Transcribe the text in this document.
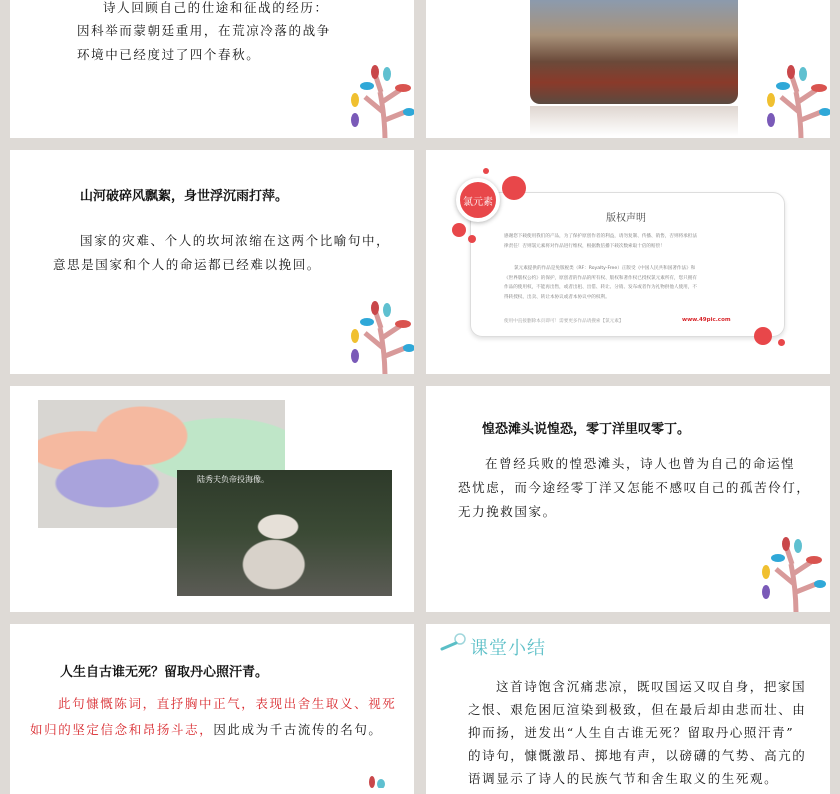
诗人回顾自己的仕途和征战的经历：
因科举而蒙朝廷重用，在荒凉冷落的战争
环境中已经度过了四个春秋。
山河破碎风飘絮，身世浮沉雨打萍。
国家的灾难、个人的坎坷浓缩在这两个比喻句中，
意思是国家和个人的命运都已经难以挽回。
氯元素
版权声明
感谢您下载使用我们的产品，为了保护原创作者的利益，请勿复制、传播、销售，否则将承担法
律责任！否则氯元素将对作品进行维权，根据数倍播下载次数索取十倍的赔偿！
氯元素提供的作品是免版税类（RF：Royalty-Free）正版受《中国人民共和国著作法》和
《世界版权公约》的保护，原创者的作品的所有权、版权和著作权已授权氯元素所有，您只拥有
作品的使用权，不能再出售，或者出租、出借、转让、分销、发布或者作为礼物供他人使用，不
得转授权、出卖、转让本协议或者本协议中的权利。
使用中直接删除本页即可！需要更多作品请搜索【氯元素】	www.49pic.com
陆秀夫负帝投海像。
惶恐滩头说惶恐，零丁洋里叹零丁。
在曾经兵败的惶恐滩头，诗人也曾为自己的命运惶
恐忧虑，而今途经零丁洋又怎能不感叹自己的孤苦伶仃，
无力挽救国家。
人生自古谁无死？留取丹心照汗青。
此句慷慨陈词，直抒胸中正气，表现出舍生取义、视死
如归的坚定信念和昂扬斗志，因此成为千古流传的名句。
课堂小结
这首诗饱含沉痛悲凉，既叹国运又叹自身，把家国
之恨、艰危困厄渲染到极致，但在最后却由悲而壮、由
抑而扬，迸发出“人生自古谁无死？留取丹心照汗青”
的诗句，慷慨激昂、掷地有声，以磅礴的气势、高亢的
语调显示了诗人的民族气节和舍生取义的生死观。
